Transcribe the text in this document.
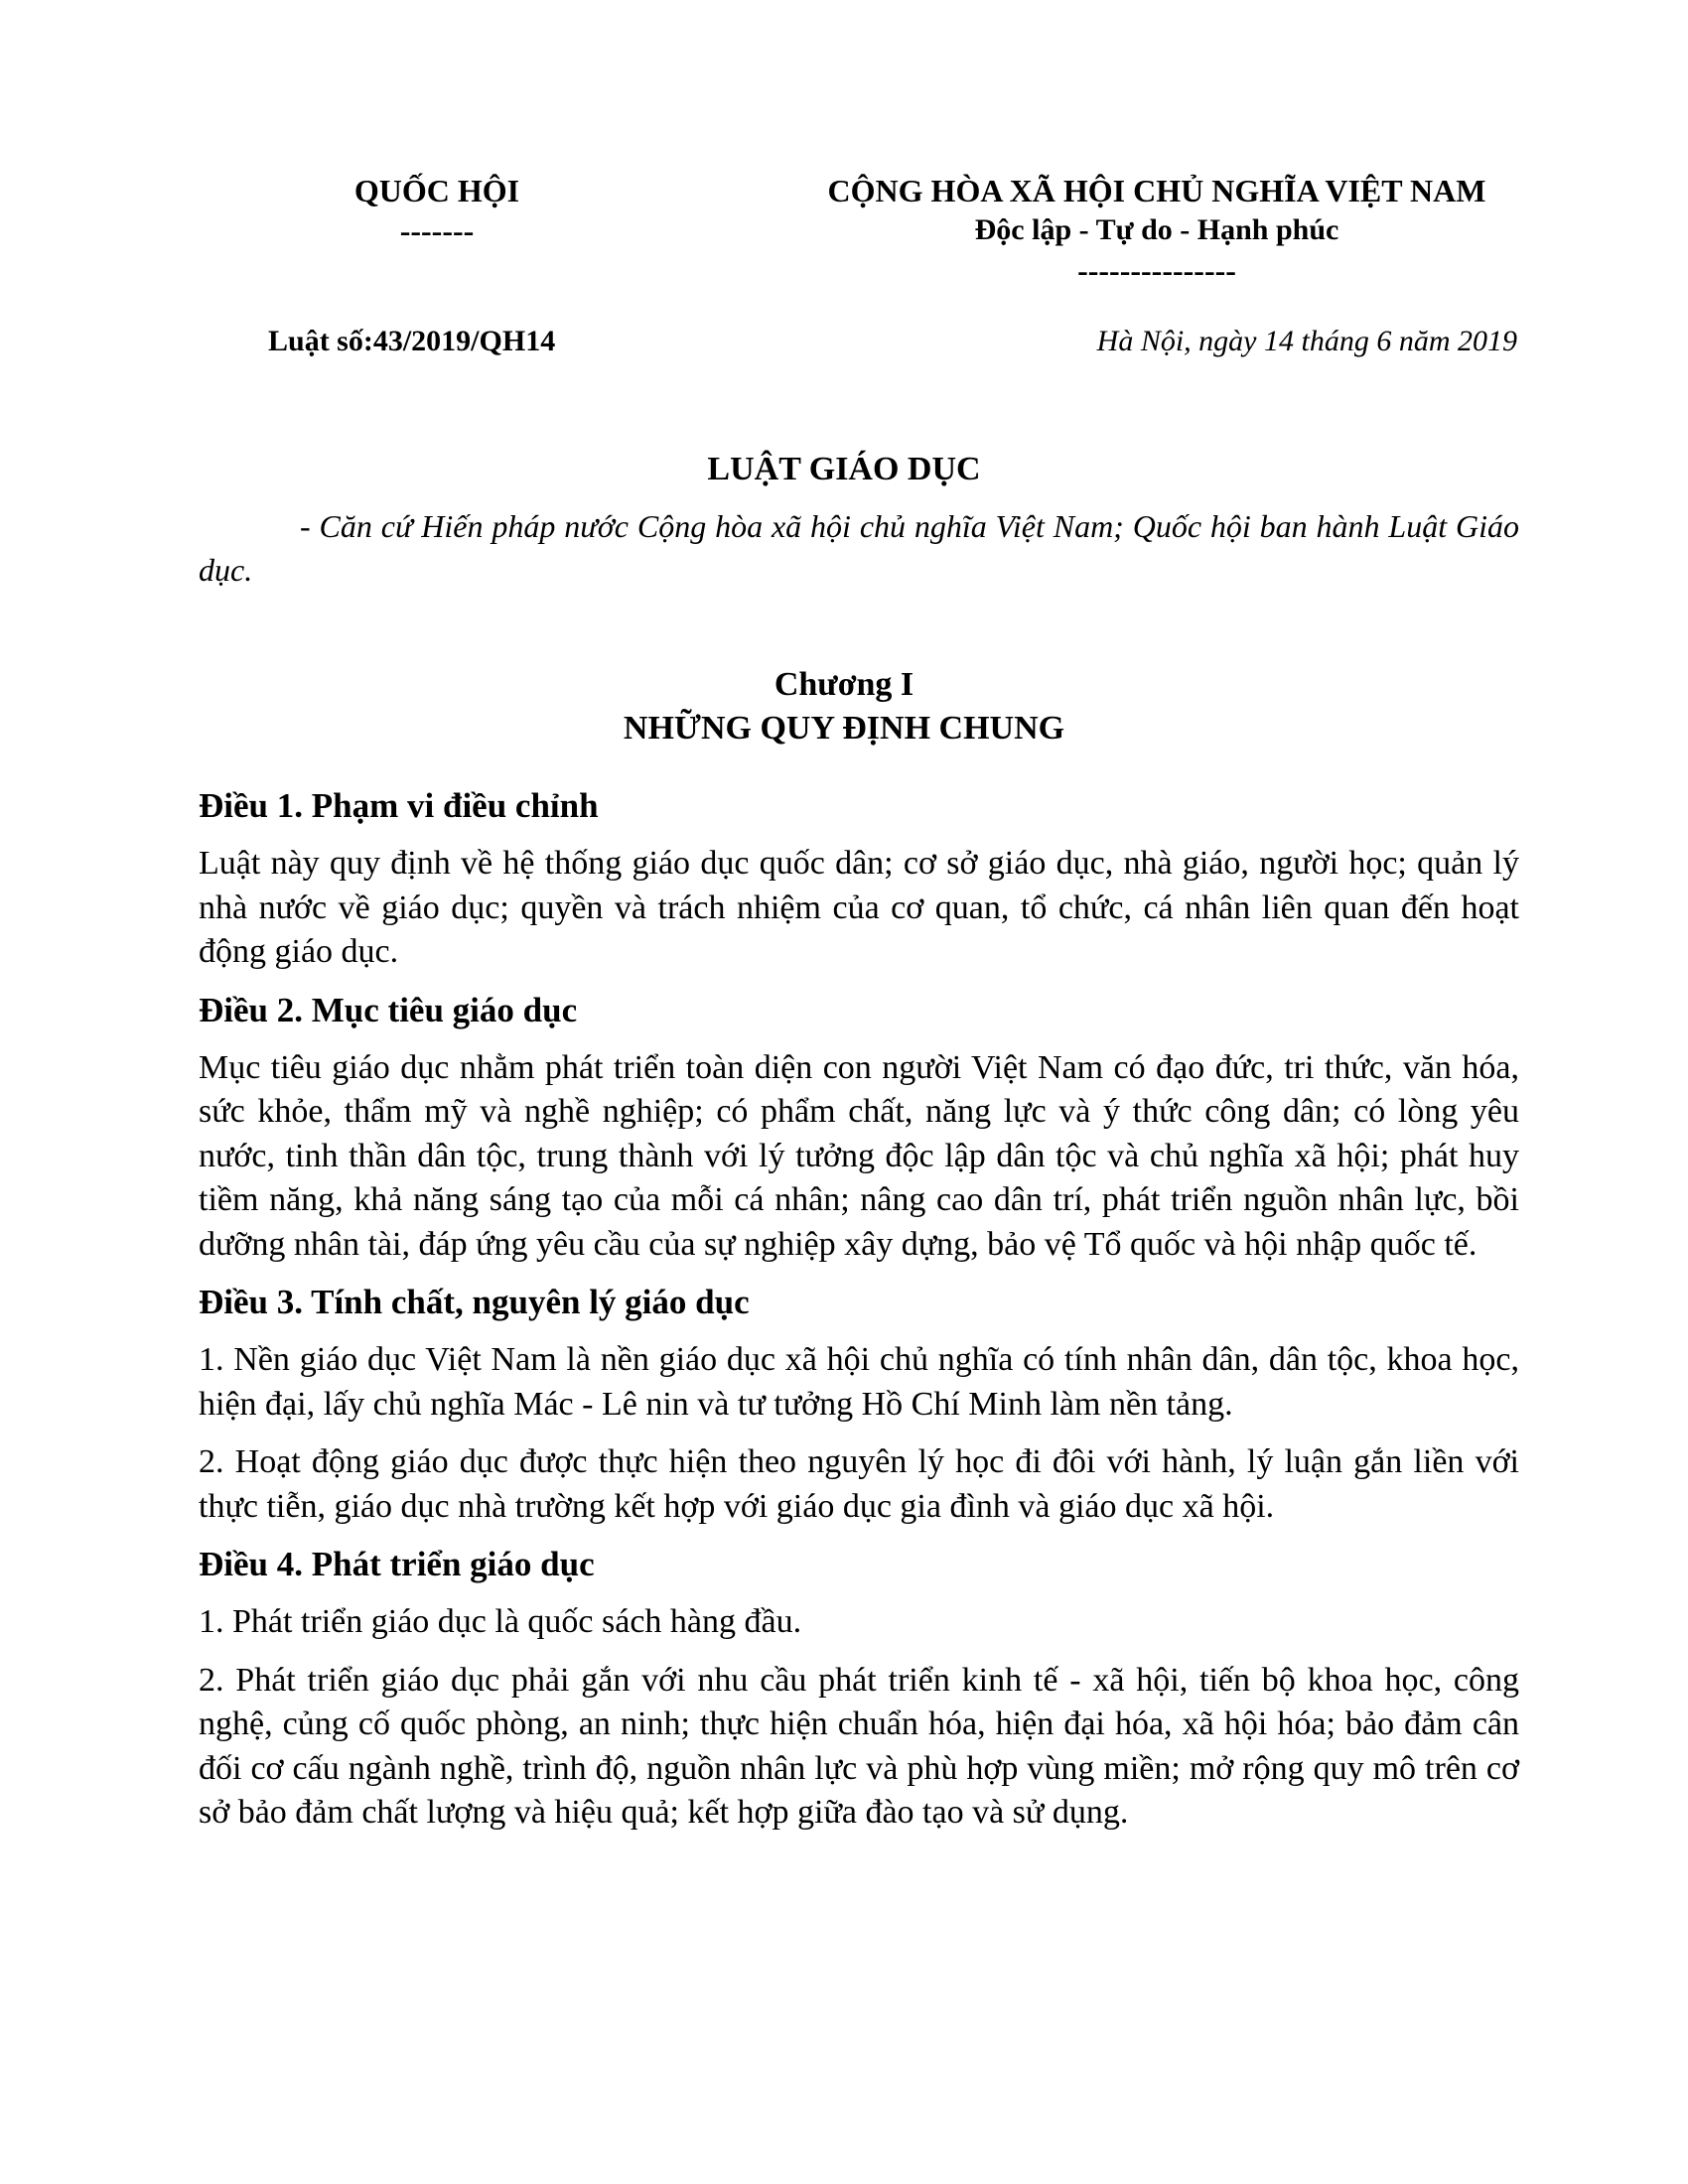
QUỐC HỘI
-------
CỘNG HÒA XÃ HỘI CHỦ NGHĨA VIỆT NAM
Độc lập - Tự do - Hạnh phúc
---------------
Luật số:43/2019/QH14	Hà Nội, ngày 14 tháng 6 năm 2019
LUẬT GIÁO DỤC

- Căn cứ Hiến pháp nước Cộng hòa xã hội chủ nghĩa Việt Nam; Quốc hội ban hành Luật Giáo dục.

Chương I
NHỮNG QUY ĐỊNH CHUNG

Điều 1. Phạm vi điều chỉnh

Luật này quy định về hệ thống giáo dục quốc dân; cơ sở giáo dục, nhà giáo, người học; quản lý nhà nước về giáo dục; quyền và trách nhiệm của cơ quan, tổ chức, cá nhân liên quan đến hoạt động giáo dục.

Điều 2. Mục tiêu giáo dục

Mục tiêu giáo dục nhằm phát triển toàn diện con người Việt Nam có đạo đức, tri thức, văn hóa, sức khỏe, thẩm mỹ và nghề nghiệp; có phẩm chất, năng lực và ý thức công dân; có lòng yêu nước, tinh thần dân tộc, trung thành với lý tưởng độc lập dân tộc và chủ nghĩa xã hội; phát huy tiềm năng, khả năng sáng tạo của mỗi cá nhân; nâng cao dân trí, phát triển nguồn nhân lực, bồi dưỡng nhân tài, đáp ứng yêu cầu của sự nghiệp xây dựng, bảo vệ Tổ quốc và hội nhập quốc tế.

Điều 3. Tính chất, nguyên lý giáo dục

1. Nền giáo dục Việt Nam là nền giáo dục xã hội chủ nghĩa có tính nhân dân, dân tộc, khoa học, hiện đại, lấy chủ nghĩa Mác - Lê nin và tư tưởng Hồ Chí Minh làm nền tảng.

2. Hoạt động giáo dục được thực hiện theo nguyên lý học đi đôi với hành, lý luận gắn liền với thực tiễn, giáo dục nhà trường kết hợp với giáo dục gia đình và giáo dục xã hội.

Điều 4. Phát triển giáo dục

1. Phát triển giáo dục là quốc sách hàng đầu.

2. Phát triển giáo dục phải gắn với nhu cầu phát triển kinh tế - xã hội, tiến bộ khoa học, công nghệ, củng cố quốc phòng, an ninh; thực hiện chuẩn hóa, hiện đại hóa, xã hội hóa; bảo đảm cân đối cơ cấu ngành nghề, trình độ, nguồn nhân lực và phù hợp vùng miền; mở rộng quy mô trên cơ sở bảo đảm chất lượng và hiệu quả; kết hợp giữa đào tạo và sử dụng.
